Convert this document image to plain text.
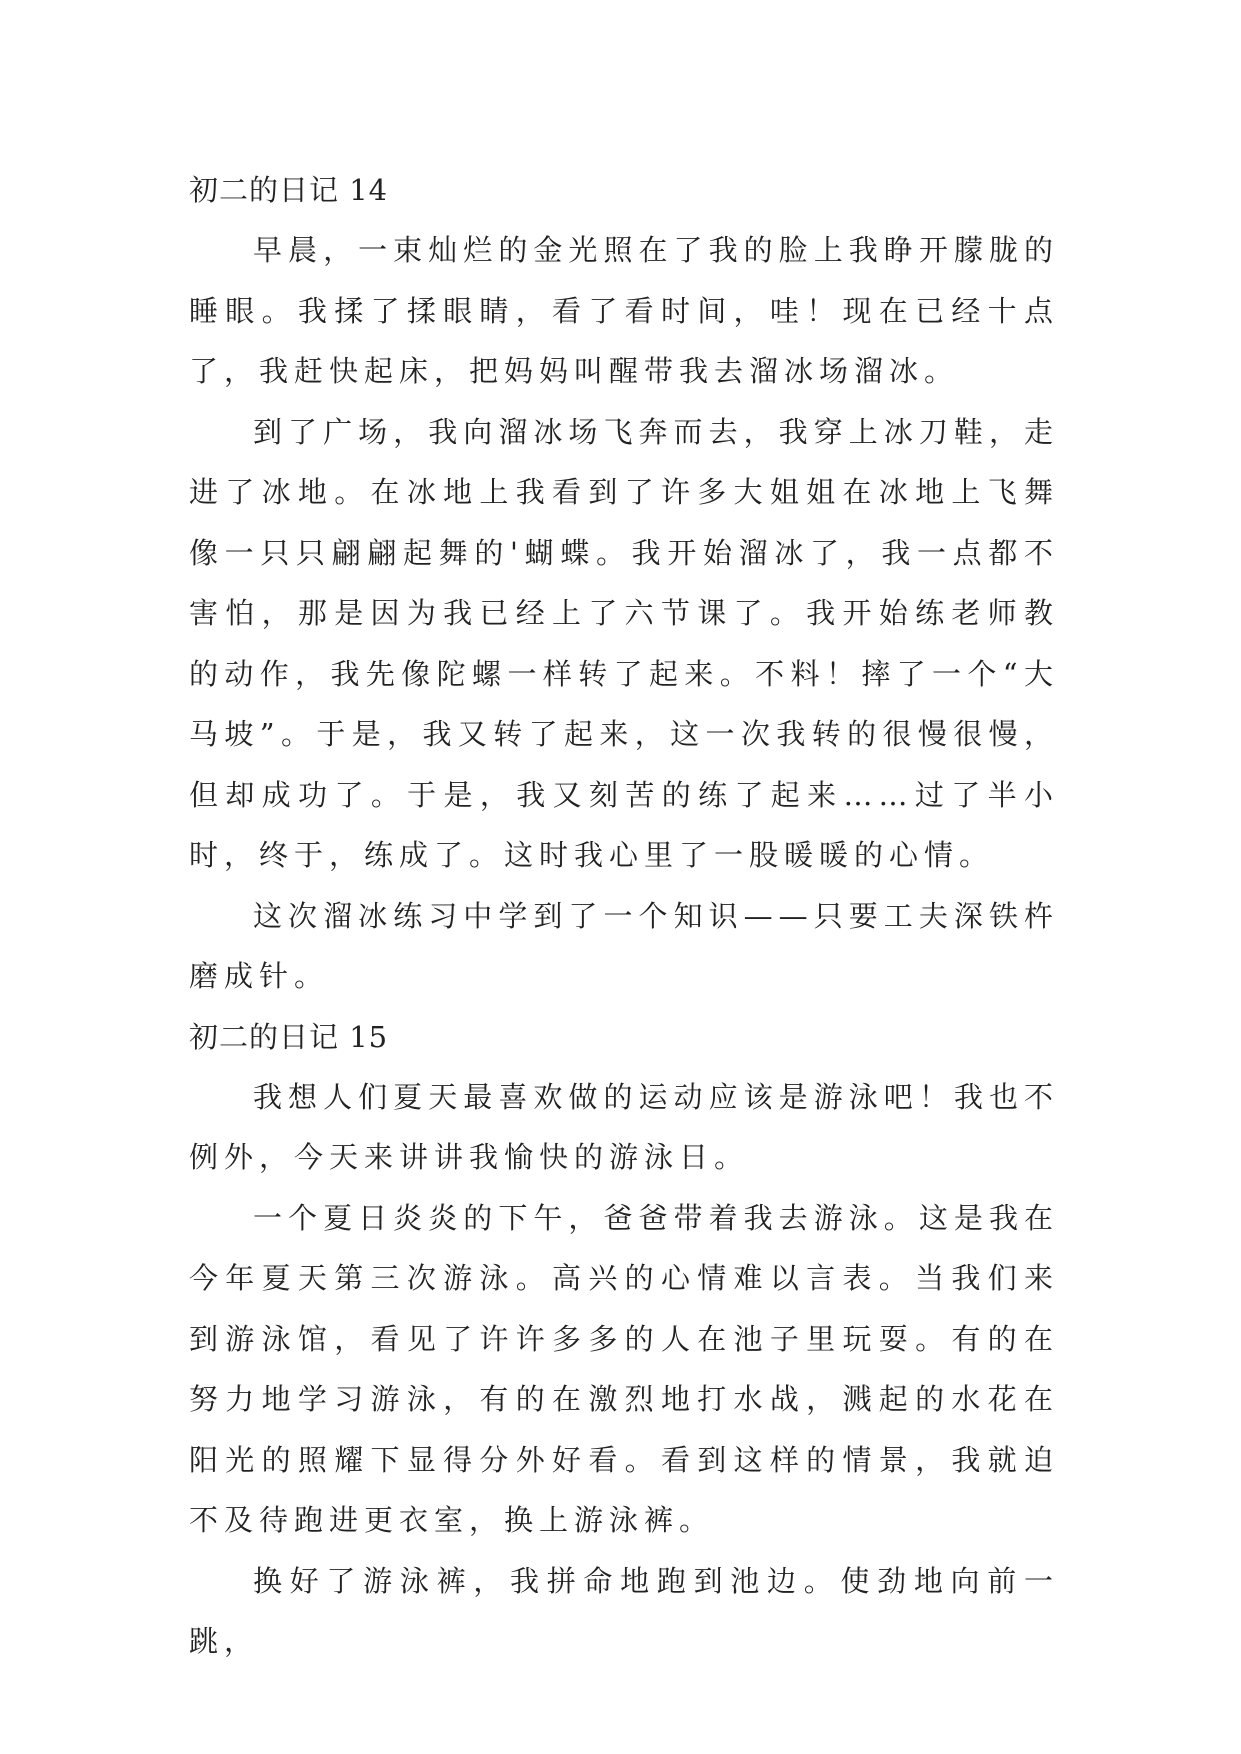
初二的日记 14

早晨，一束灿烂的金光照在了我的脸上我睁开朦胧的睡眼。我揉了揉眼睛，看了看时间，哇！现在已经十点了，我赶快起床，把妈妈叫醒带我去溜冰场溜冰。

到了广场，我向溜冰场飞奔而去，我穿上冰刀鞋，走进了冰地。在冰地上我看到了许多大姐姐在冰地上飞舞像一只只翩翩起舞的'蝴蝶。我开始溜冰了，我一点都不害怕，那是因为我已经上了六节课了。我开始练老师教的动作，我先像陀螺一样转了起来。不料！摔了一个“大马坡”。于是，我又转了起来，这一次我转的很慢很慢，但却成功了。于是，我又刻苦的练了起来……过了半小时，终于，练成了。这时我心里了一股暖暖的心情。

这次溜冰练习中学到了一个知识——只要工夫深铁杵磨成针。

初二的日记 15

我想人们夏天最喜欢做的运动应该是游泳吧！我也不例外，今天来讲讲我愉快的游泳日。

一个夏日炎炎的下午，爸爸带着我去游泳。这是我在今年夏天第三次游泳。高兴的心情难以言表。当我们来到游泳馆，看见了许许多多的人在池子里玩耍。有的在努力地学习游泳，有的在激烈地打水战，溅起的水花在阳光的照耀下显得分外好看。看到这样的情景，我就迫不及待跑进更衣室，换上游泳裤。

换好了游泳裤，我拼命地跑到池边。使劲地向前一跳，
